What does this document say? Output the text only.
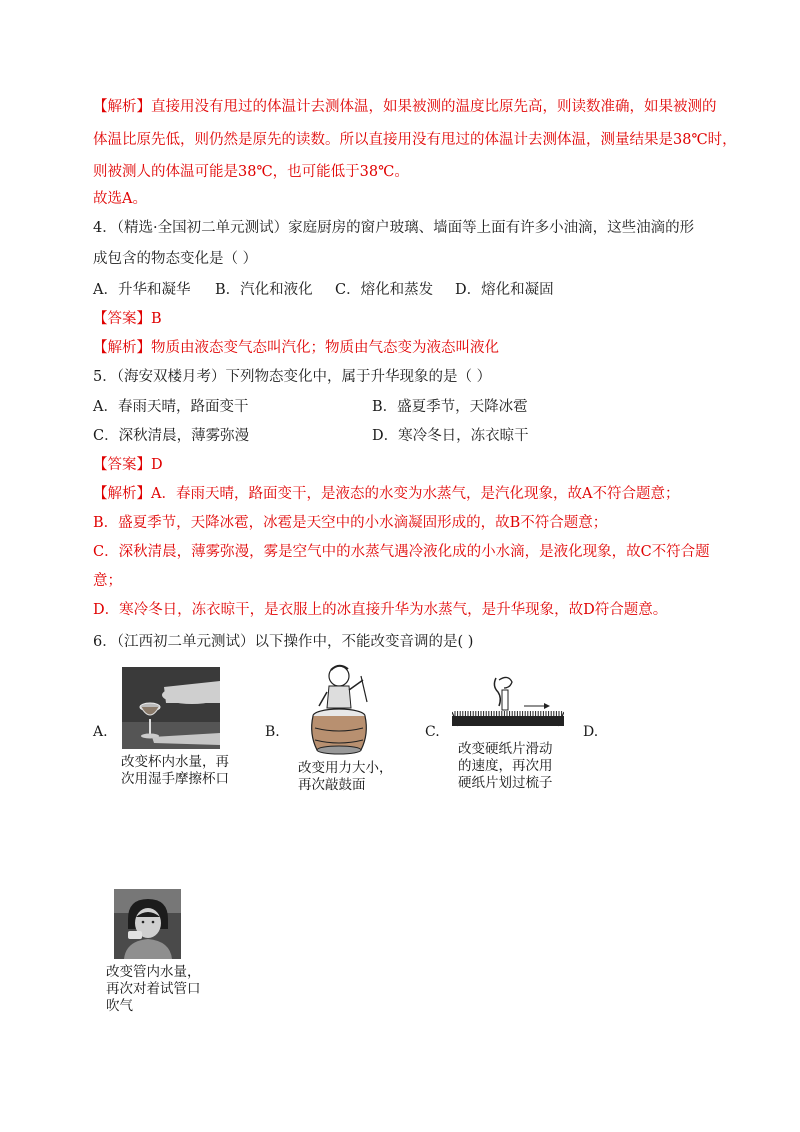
【解析】直接用没有甩过的体温计去测体温，如果被测的温度比原先高，则读数准确，如果被测的
体温比原先低，则仍然是原先的读数。所以直接用没有甩过的体温计去测体温，测量结果是38℃时，
则被测人的体温可能是38℃，也可能低于38℃。
故选A。
4．（精选·全国初二单元测试）家庭厨房的窗户玻璃、墙面等上面有许多小油滴，这些油滴的形
成包含的物态变化是（ ）
A．升华和凝华 B．汽化和液化 C．熔化和蒸发 D．熔化和凝固
【答案】B
【解析】物质由液态变气态叫汽化；物质由气态变为液态叫液化
5．（海安双楼月考）下列物态变化中，属于升华现象的是（ ）
A．春雨天晴，路面变干	B．盛夏季节，天降冰雹
C．深秋清晨，薄雾弥漫	D．寒冷冬日，冻衣晾干
【答案】D
【解析】A．春雨天晴，路面变干，是液态的水变为水蒸气，是汽化现象，故A不符合题意；
B．盛夏季节，天降冰雹，冰雹是天空中的小水滴凝固形成的，故B不符合题意；
C．深秋清晨，薄雾弥漫，雾是空气中的水蒸气遇冷液化成的小水滴，是液化现象，故C不符合题
意；
D．寒冷冬日，冻衣晾干，是衣服上的冰直接升华为水蒸气，是升华现象，故D符合题意。
6．（江西初二单元测试）以下操作中，不能改变音调的是( )
A.
改变杯内水量，再
次用湿手摩擦杯口
B.
改变用力大小，
再次敲鼓面
C.
改变硬纸片滑动
的速度，再次用
硬纸片划过梳子
D.
改变管内水量，
再次对着试管口
吹气
